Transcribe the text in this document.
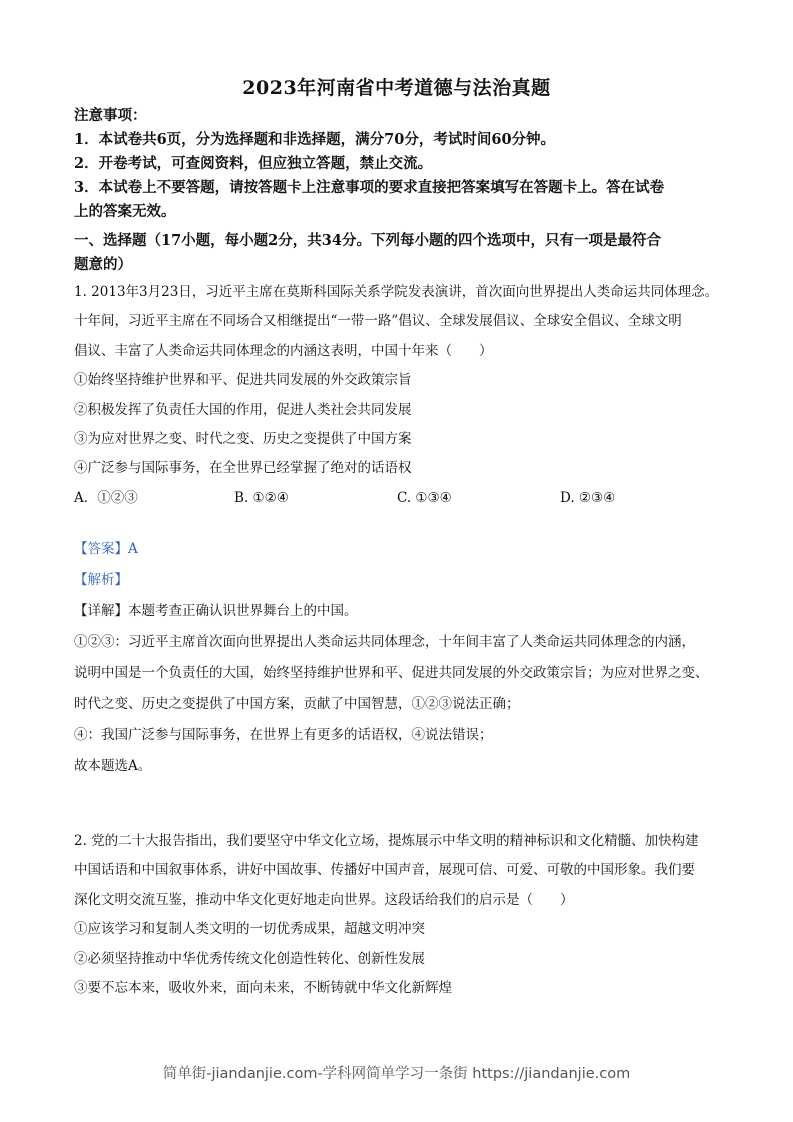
2023年河南省中考道德与法治真题
注意事项：
1．本试卷共6页，分为选择题和非选择题，满分70分，考试时间60分钟。
2．开卷考试，可查阅资料，但应独立答题，禁止交流。
3．本试卷上不要答题，请按答题卡上注意事项的要求直接把答案填写在答题卡上。答在试卷
上的答案无效。
一、选择题（17小题，每小题2分，共34分。下列每小题的四个选项中，只有一项是最符合
题意的）
1. 2013年3月23日，习近平主席在莫斯科国际关系学院发表演讲，首次面向世界提出人类命运共同体理念。
十年间，习近平主席在不同场合又相继提出“一带一路”倡议、全球发展倡议、全球安全倡议、全球文明
倡议、丰富了人类命运共同体理念的内涵这表明，中国十年来（　　）
①始终坚持维护世界和平、促进共同发展的外交政策宗旨
②积极发挥了负责任大国的作用，促进人类社会共同发展
③为应对世界之变、时代之变、历史之变提供了中国方案
④广泛参与国际事务，在全世界已经掌握了绝对的话语权
A．①②③	B. ①②④	C. ①③④	D. ②③④
【答案】A
【解析】
【详解】本题考查正确认识世界舞台上的中国。
①②③：习近平主席首次面向世界提出人类命运共同体理念，十年间丰富了人类命运共同体理念的内涵，
说明中国是一个负责任的大国，始终坚持维护世界和平、促进共同发展的外交政策宗旨；为应对世界之变、
时代之变、历史之变提供了中国方案，贡献了中国智慧，①②③说法正确；
④：我国广泛参与国际事务，在世界上有更多的话语权，④说法错误；
故本题选A。
2. 党的二十大报告指出，我们要坚守中华文化立场，提炼展示中华文明的精神标识和文化精髓、加快构建
中国话语和中国叙事体系，讲好中国故事、传播好中国声音，展现可信、可爱、可敬的中国形象。我们要
深化文明交流互鉴，推动中华文化更好地走向世界。这段话给我们的启示是（　　）
①应该学习和复制人类文明的一切优秀成果，超越文明冲突
②必须坚持推动中华优秀传统文化创造性转化、创新性发展
③要不忘本来，吸收外来，面向未来，不断铸就中华文化新辉煌
简单街-jiandanjie.com-学科网简单学习一条街 https://jiandanjie.com
